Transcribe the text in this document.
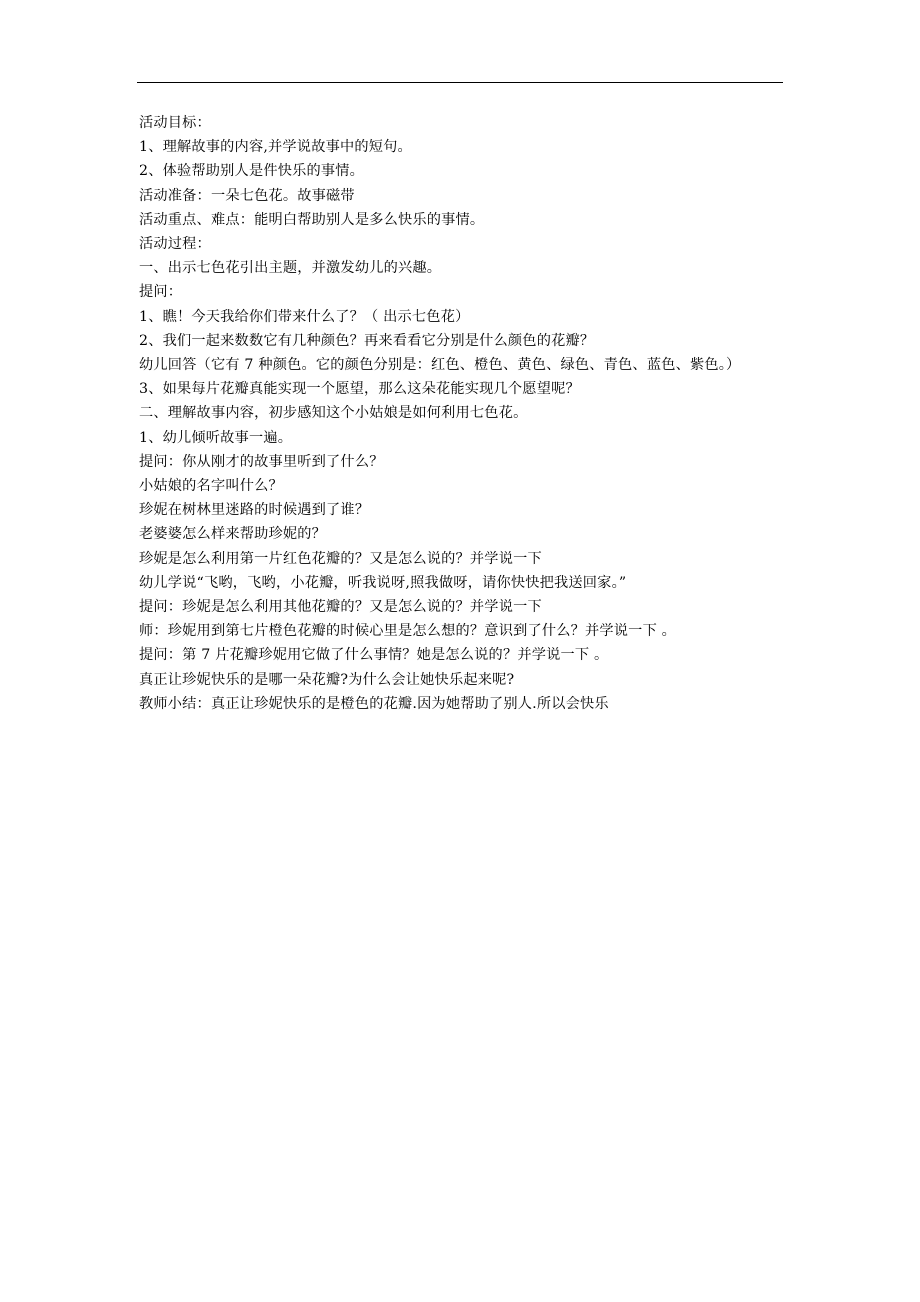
活动目标：

1、理解故事的内容,并学说故事中的短句。

2、体验帮助别人是件快乐的事情。

活动准备：一朵七色花。故事磁带

活动重点、难点：能明白帮助别人是多么快乐的事情。

活动过程：

一、出示七色花引出主题，并激发幼儿的兴趣。

提问：

1、瞧！今天我给你们带来什么了？（ 出示七色花）

2、我们一起来数数它有几种颜色？再来看看它分别是什么颜色的花瓣？

幼儿回答（它有 7 种颜色。它的颜色分别是：红色、橙色、黄色、绿色、青色、蓝色、紫色。）

3、如果每片花瓣真能实现一个愿望，那么这朵花能实现几个愿望呢？

二、理解故事内容，初步感知这个小姑娘是如何利用七色花。

1、幼儿倾听故事一遍。

提问：你从刚才的故事里听到了什么？

小姑娘的名字叫什么？

珍妮在树林里迷路的时候遇到了谁？

老婆婆怎么样来帮助珍妮的？

珍妮是怎么利用第一片红色花瓣的？又是怎么说的？并学说一下

幼儿学说“飞哟，飞哟，小花瓣，听我说呀,照我做呀，请你快快把我送回家。”

提问：珍妮是怎么利用其他花瓣的？又是怎么说的？并学说一下

师：珍妮用到第七片橙色花瓣的时候心里是怎么想的？意识到了什么？并学说一下 。

提问：第 7 片花瓣珍妮用它做了什么事情？她是怎么说的？并学说一下 。

真正让珍妮快乐的是哪一朵花瓣?为什么会让她快乐起来呢?

教师小结：真正让珍妮快乐的是橙色的花瓣.因为她帮助了别人.所以会快乐
